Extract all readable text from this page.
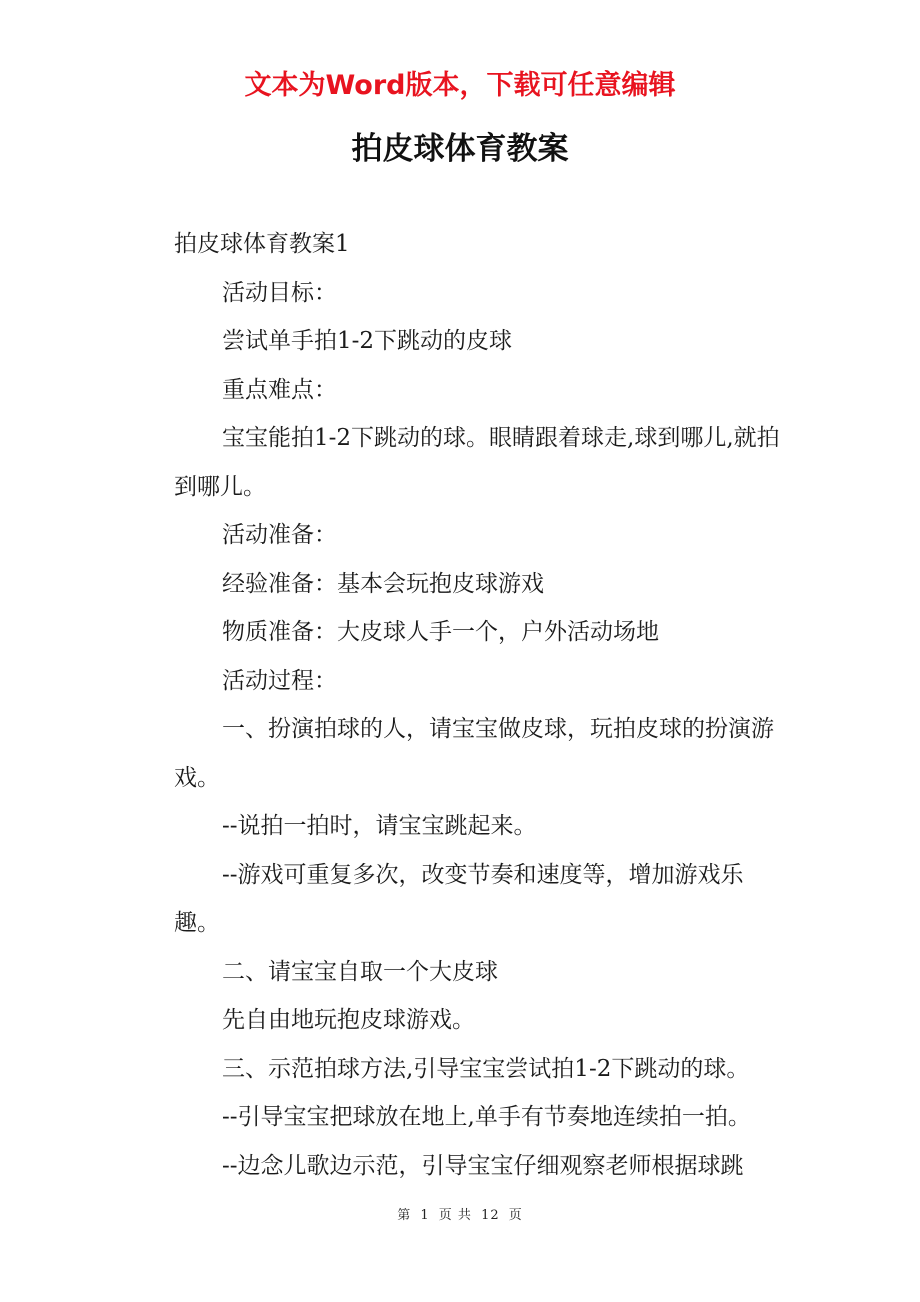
文本为Word版本，下载可任意编辑
拍皮球体育教案

拍皮球体育教案1

活动目标：

尝试单手拍1-2下跳动的皮球

重点难点：

宝宝能拍1-2下跳动的球。眼睛跟着球走,球到哪儿,就拍到哪儿。

活动准备：

经验准备：基本会玩抱皮球游戏

物质准备：大皮球人手一个，户外活动场地

活动过程：

一、扮演拍球的人，请宝宝做皮球，玩拍皮球的扮演游戏。

--说拍一拍时，请宝宝跳起来。

--游戏可重复多次，改变节奏和速度等，增加游戏乐趣。

二、请宝宝自取一个大皮球

先自由地玩抱皮球游戏。

三、示范拍球方法,引导宝宝尝试拍1-2下跳动的球。

--引导宝宝把球放在地上,单手有节奏地连续拍一拍。

--边念儿歌边示范，引导宝宝仔细观察老师根据球跳

第 1 页 共 12 页
